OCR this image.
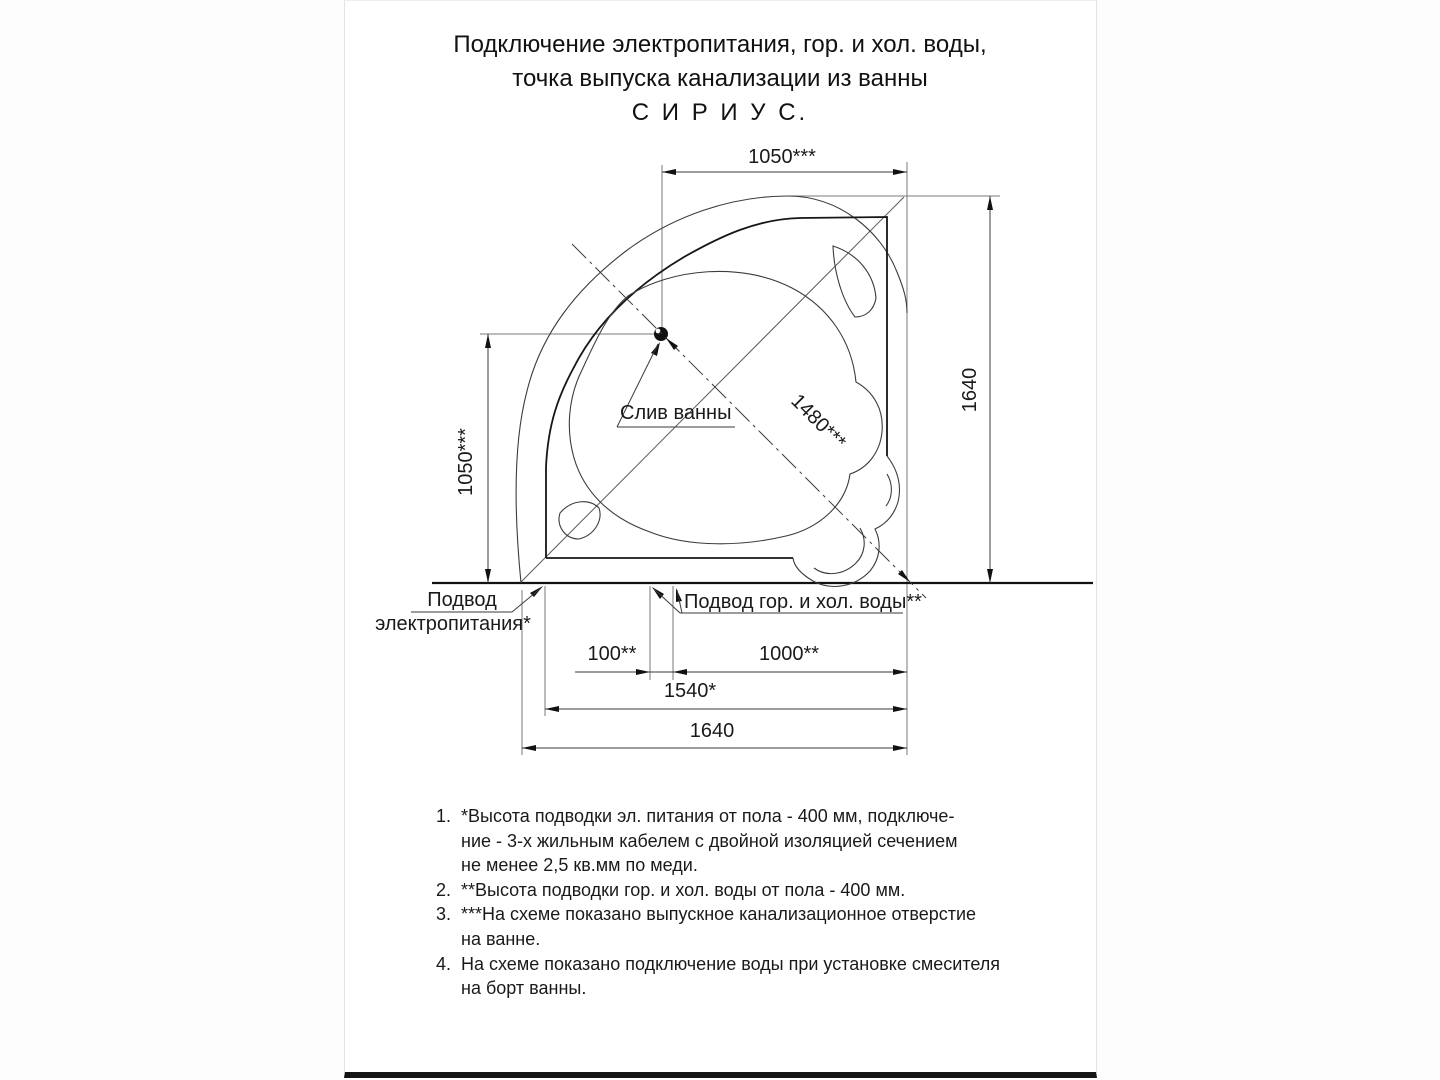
Подключение электропитания, гор. и хол. воды,
точка выпуска канализации из ванны
С И Р И У С.
1050***
1050***
1640
1480***
100**	1000**
1540*
1640
Слив ванны
Подвод
электропитания*
Подвод гор. и хол. воды**
1. *Высота подводки эл. питания от пола - 400 мм, подключе-
ние - 3-х жильным кабелем с двойной изоляцией сечением
не менее 2,5 кв.мм по меди.
2. **Высота подводки гор. и хол. воды от пола - 400 мм.
3. ***На схеме показано выпускное канализационное отверстие
на ванне.
4. На схеме показано подключение воды при установке смесителя
на борт ванны.
